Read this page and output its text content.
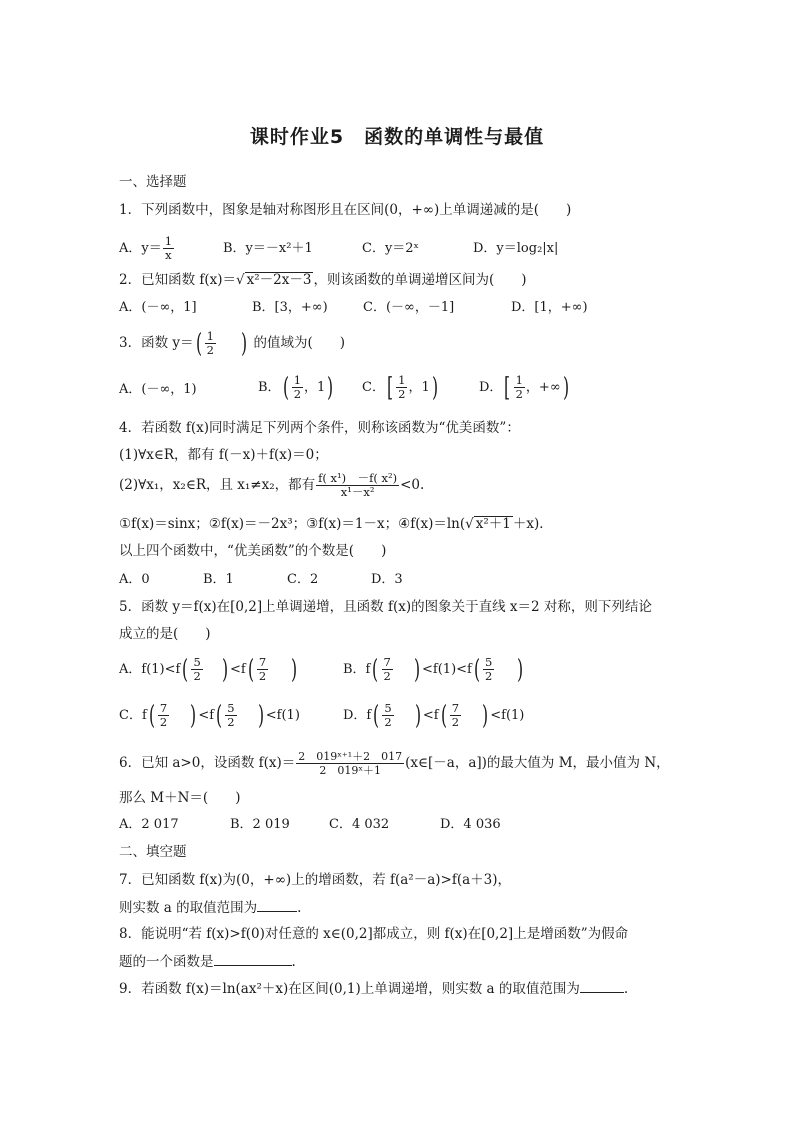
课时作业5　函数的单调性与最值
一、选择题
1．下列函数中，图象是轴对称图形且在区间(0，+∞)上单调递减的是(　　)
A．$y= \frac{1}{x}$	B．y＝－x²＋1	C．y＝2ˣ	D．y＝log₂|x|
2．已知函数 f(x)＝√ x²－2x－3 ，则该函数的单调递增区间为(　　)
A．(－∞，1]	B．[3，+∞)	C．(－∞，－1]	D．[1，+∞)
3．函数 $y=( \frac{1}{2}$ ) 的值域为(　　)
A．(－∞，1)	B．( $\frac{1}{2}$ ，1) C．[ $\frac{1}{2}$ ，1)	D．[ $\frac{1}{2}$ ，+∞)
4．若函数 f(x)同时满足下列两个条件，则称该函数为“优美函数”：
(1)∀x∈R，都有 f(－x)＋f(x)＝0；
(2)∀x₁，x₂∈R，且 x₁≠x₂，都有 $\frac{\text{f( x¹)　－f( x²)}}{\text{x¹－x²}} <0$.
①f(x)＝sinx；②f(x)＝－2x³；③f(x)＝1－x；④f(x)＝ln(√ x²＋1 ＋x)．
以上四个函数中，“优美函数”的个数是(　　)
A．0	B．1	C．2	D．3
5．函数 y＝f(x)在[0,2]上单调递增，且函数 f(x)的图象关于直线 x＝2 对称，则下列结论
成立的是(　　)
A．$f(1)<f( \frac{5}{2}$ ) $<f( \frac{7}{2}$ )	B．$f( \frac{7}{2}$ ) $<f(1)<f( \frac{5}{2}$ )
C．$f( \frac{7}{2}$ ) $<f( \frac{5}{2}$ ) <f(1)	D．$f( \frac{5}{2}$ ) $<f( \frac{7}{2}$ ) <f(1)
6．已知 a>0，设函数 $f(x)= \frac{\text{2　019ˣ⁺¹＋2　017}}{\text{2　019ˣ＋1}}$ (x∈[－a，a])的最大值为 M，最小值为 N，
那么 M＋N＝(　　)
A．2 017	B．2 019	C．4 032	D．4 036
二、填空题
7．已知函数 f(x)为(0，+∞)上的增函数，若 f(a²－a)>f(a＋3)，
则实数 a 的取值范围为	.
8．能说明“若 f(x)>f(0)对任意的 x∈(0,2]都成立，则 f(x)在[0,2]上是增函数”为假命
题的一个函数是	.
9．若函数 f(x)＝ln(ax²＋x)在区间(0,1)上单调递增，则实数 a 的取值范围为	.
